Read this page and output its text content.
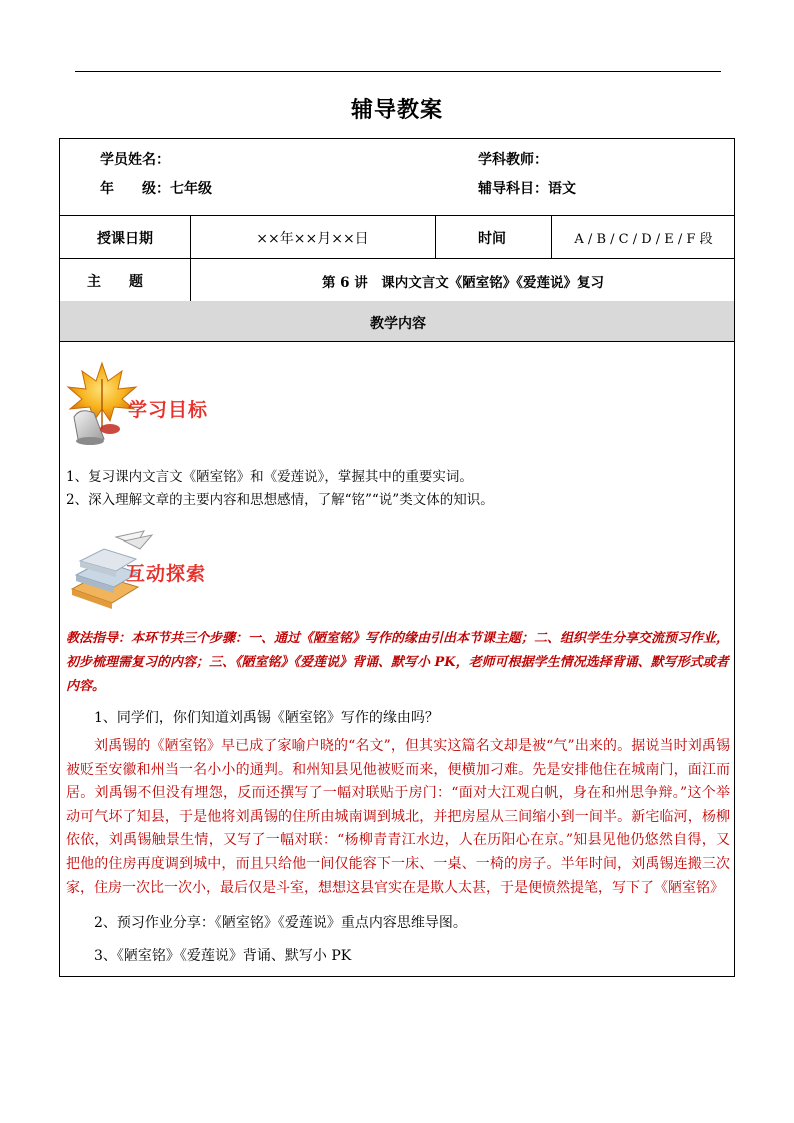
辅导教案
学员姓名：
年　　级：七年级
学科教师：
辅导科目：语文
授课日期	××年××月××日	时间	A / B / C / D / E / F 段
主　　题	第 6 讲　课内文言文《陋室铭》《爱莲说》复习
教学内容
学习目标
1、复习课内文言文《陋室铭》和《爱莲说》，掌握其中的重要实词。
2、深入理解文章的主要内容和思想感情，了解“铭”“说”类文体的知识。
互动探索
教法指导：本环节共三个步骤：一、通过《陋室铭》写作的缘由引出本节课主题；二、组织学生分享交流预习作业，初步梳理需复习的内容；三、《陋室铭》《爱莲说》背诵、默写小 PK，老师可根据学生情况选择背诵、默写形式或者内容。
1、同学们，你们知道刘禹锡《陋室铭》写作的缘由吗？
刘禹锡的《陋室铭》早已成了家喻户晓的“名文”，但其实这篇名文却是被“气”出来的。据说当时刘禹锡被贬至安徽和州当一名小小的通判。和州知县见他被贬而来，便横加刁难。先是安排他住在城南门，面江而居。刘禹锡不但没有埋怨，反而还撰写了一幅对联贴于房门：“面对大江观白帆，身在和州思争辩。”这个举动可气坏了知县，于是他将刘禹锡的住所由城南调到城北，并把房屋从三间缩小到一间半。新宅临河，杨柳依依，刘禹锡触景生情，又写了一幅对联：“杨柳青青江水边，人在历阳心在京。”知县见他仍悠然自得，又把他的住房再度调到城中，而且只给他一间仅能容下一床、一桌、一椅的房子。半年时间，刘禹锡连搬三次家，住房一次比一次小，最后仅是斗室，想想这县官实在是欺人太甚，于是便愤然提笔，写下了《陋室铭》
2、预习作业分享：《陋室铭》《爱莲说》重点内容思维导图。
3、《陋室铭》《爱莲说》背诵、默写小 PK
